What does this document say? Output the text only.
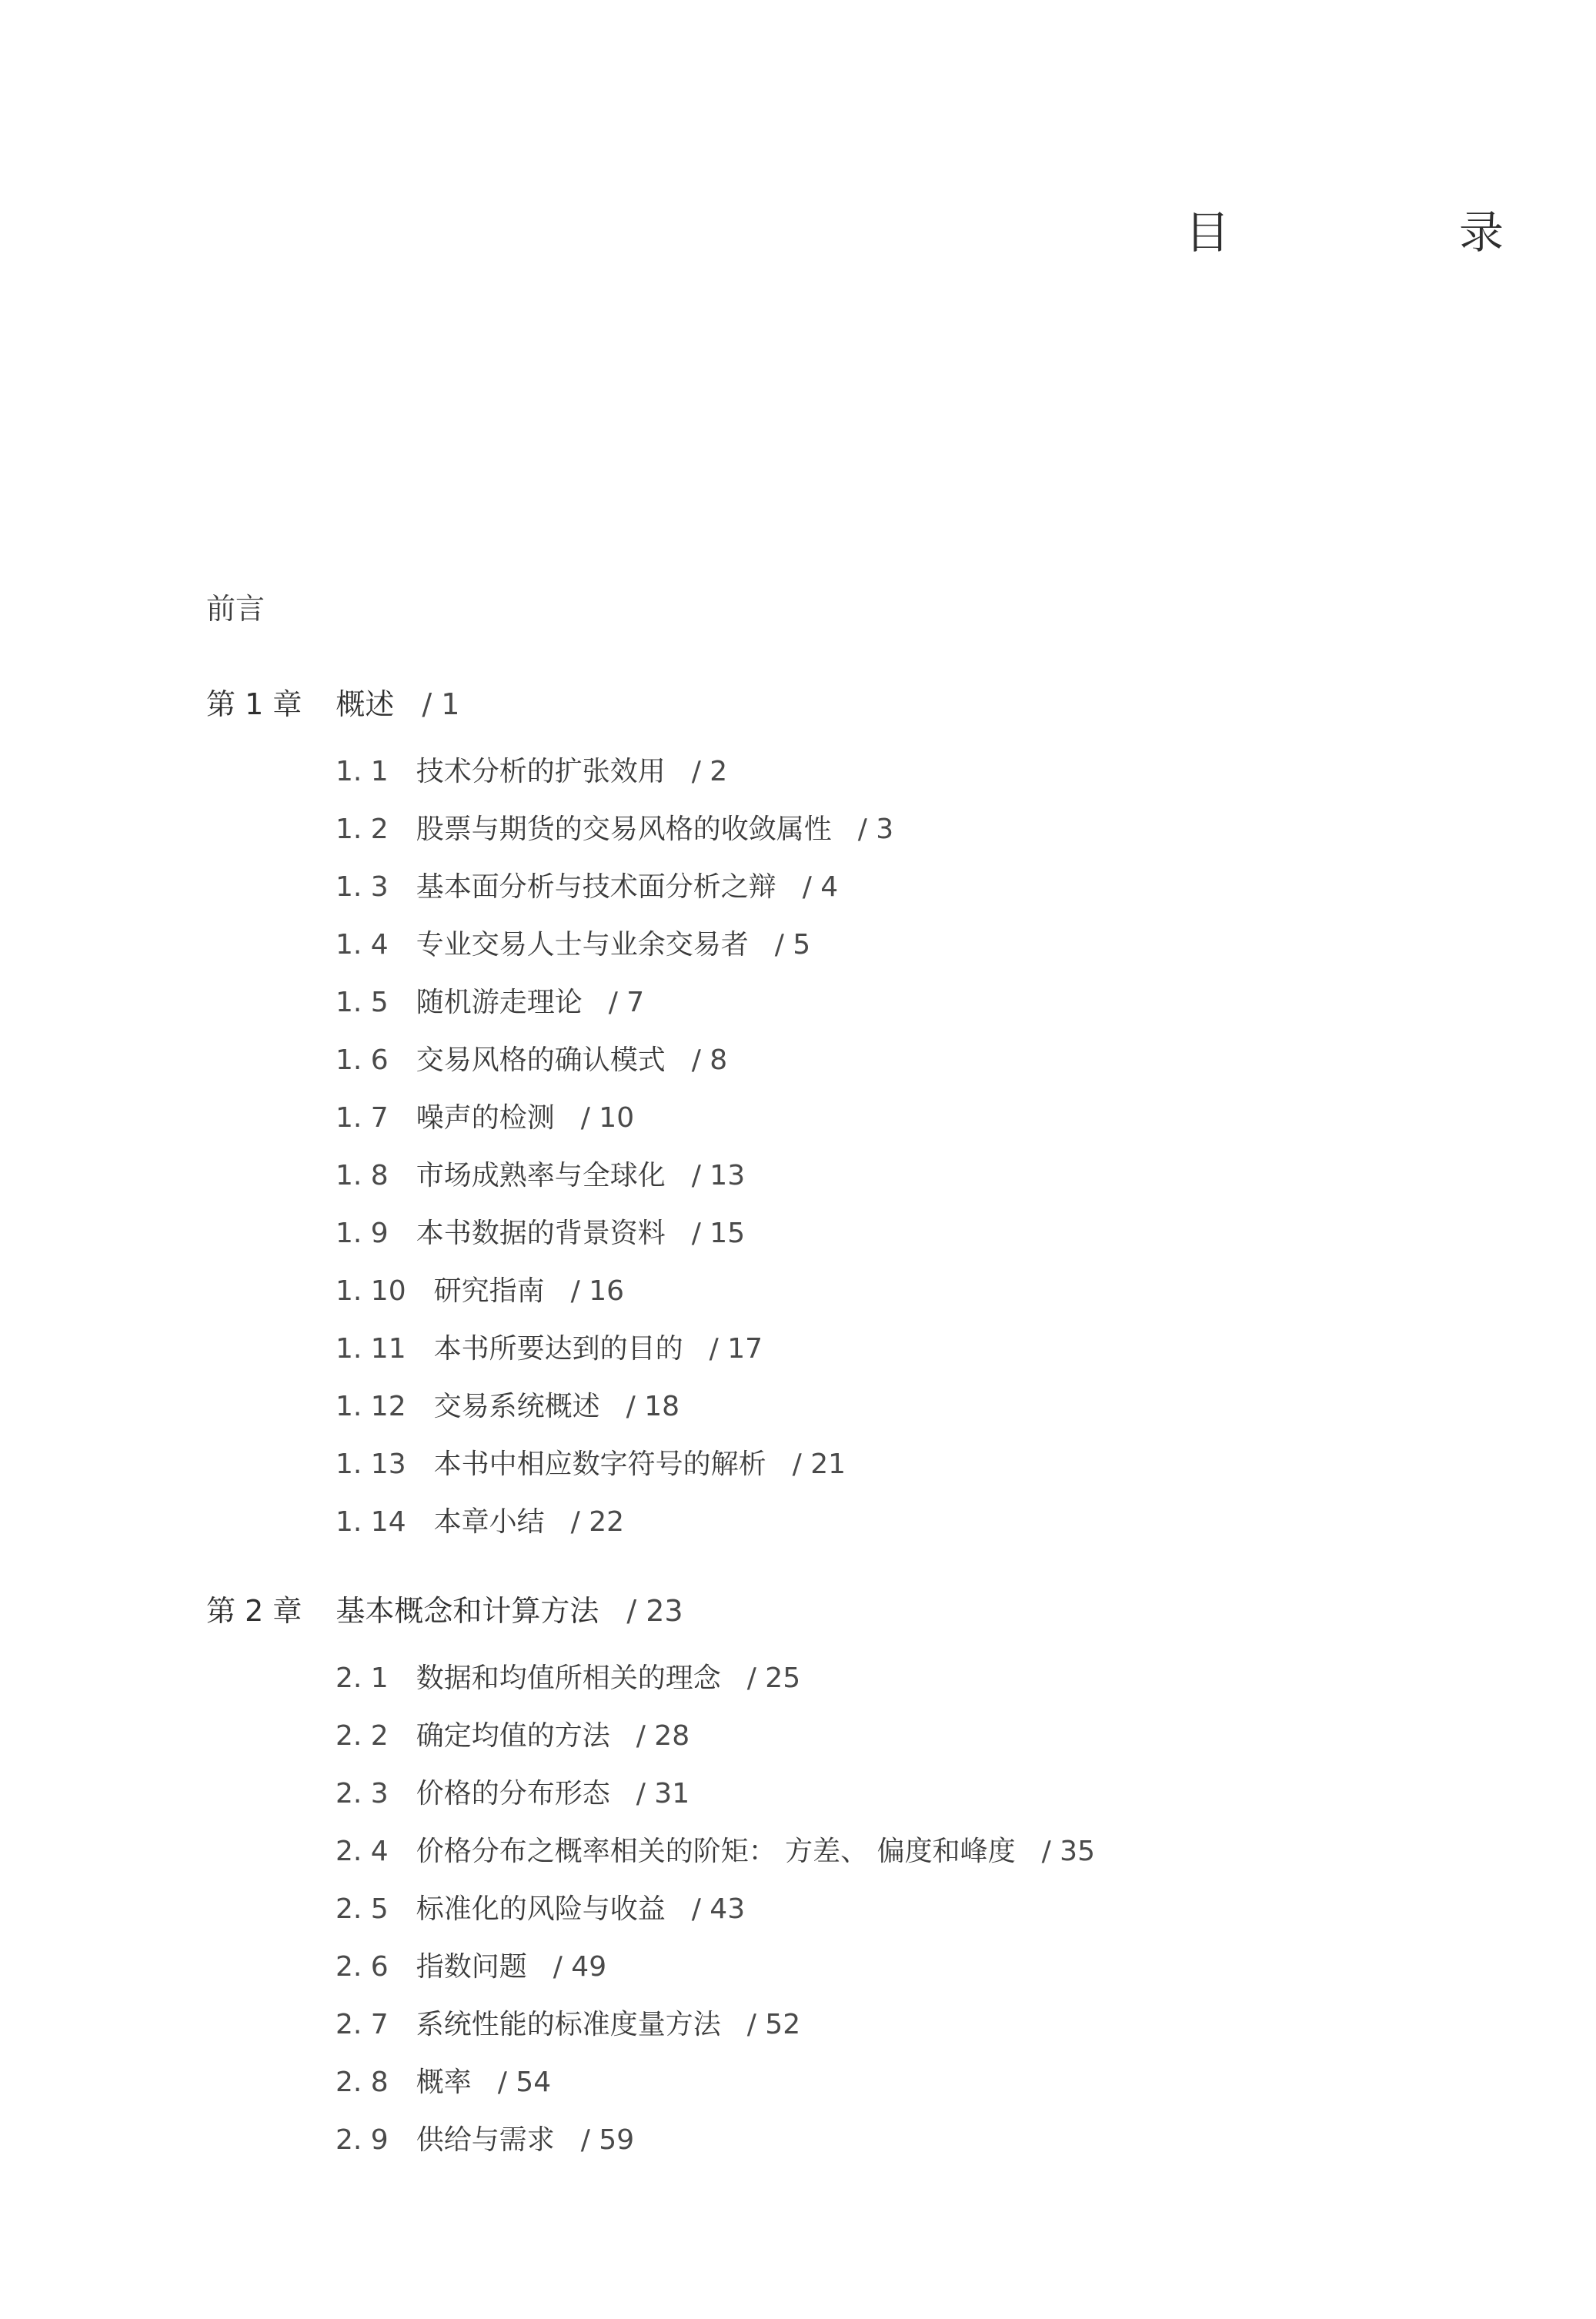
目　录
前言
第 1 章 概述 / 1
1. 1 技术分析的扩张效用 / 2
1. 2 股票与期货的交易风格的收敛属性 / 3
1. 3 基本面分析与技术面分析之辩 / 4
1. 4 专业交易人士与业余交易者 / 5
1. 5 随机游走理论 / 7
1. 6 交易风格的确认模式 / 8
1. 7 噪声的检测 / 10
1. 8 市场成熟率与全球化 / 13
1. 9 本书数据的背景资料 / 15
1. 10 研究指南 / 16
1. 11 本书所要达到的目的 / 17
1. 12 交易系统概述 / 18
1. 13 本书中相应数字符号的解析 / 21
1. 14 本章小结 / 22
第 2 章 基本概念和计算方法 / 23
2. 1 数据和均值所相关的理念 / 25
2. 2 确定均值的方法 / 28
2. 3 价格的分布形态 / 31
2. 4 价格分布之概率相关的阶矩： 方差、 偏度和峰度 / 35
2. 5 标准化的风险与收益 / 43
2. 6 指数问题 / 49
2. 7 系统性能的标准度量方法 / 52
2. 8 概率 / 54
2. 9 供给与需求 / 59
